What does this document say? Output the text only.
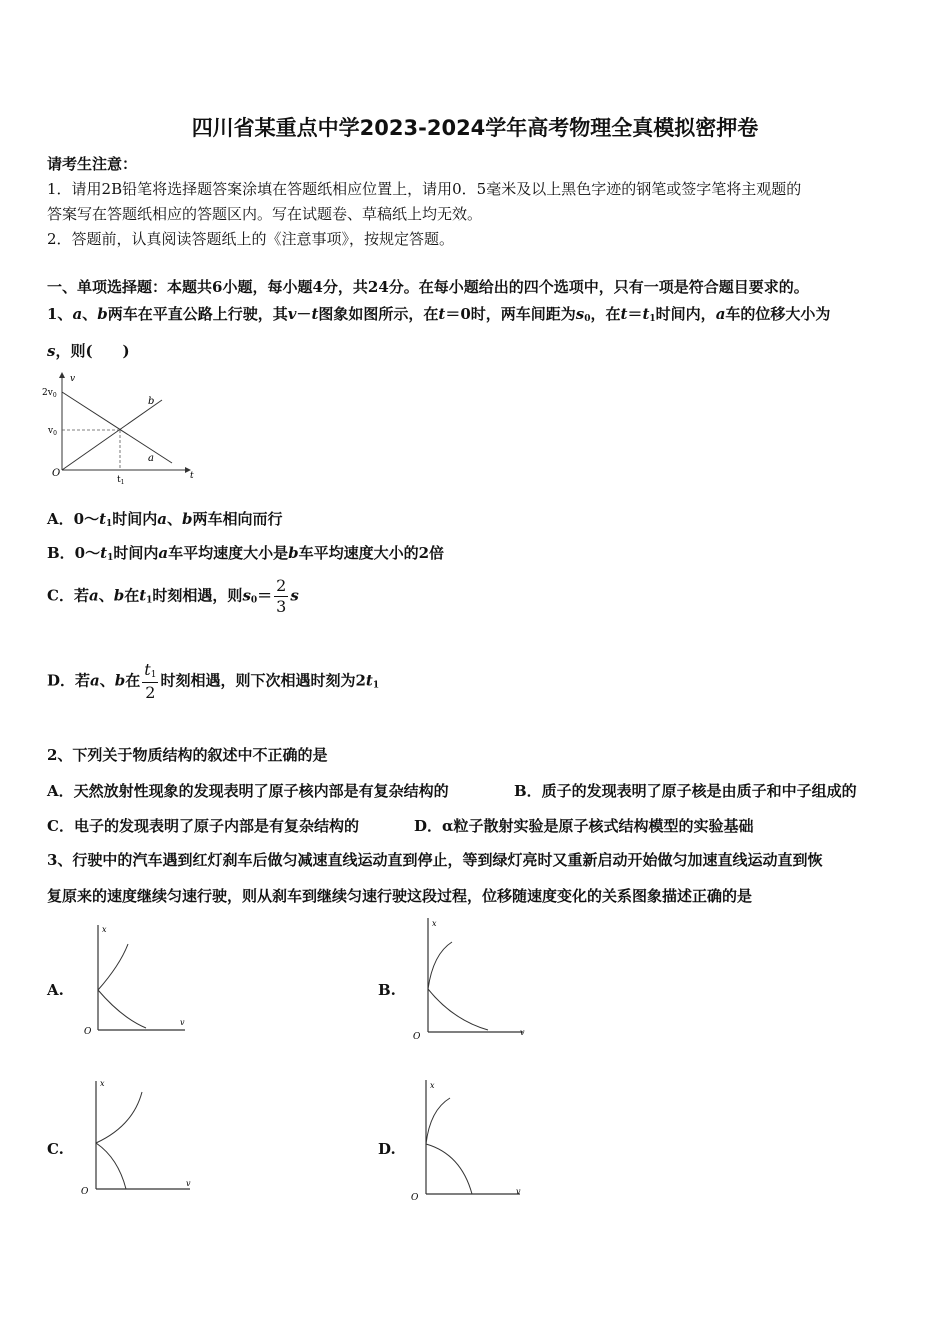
四川省某重点中学2023-2024学年高考物理全真模拟密押卷
请考生注意：
1．请用2B铅笔将选择题答案涂填在答题纸相应位置上，请用0．5毫米及以上黑色字迹的钢笔或签字笔将主观题的
答案写在答题纸相应的答题区内。写在试题卷、草稿纸上均无效。
2．答题前，认真阅读答题纸上的《注意事项》，按规定答题。
一、单项选择题：本题共6小题，每小题4分，共24分。在每小题给出的四个选项中，只有一项是符合题目要求的。
1、a、b两车在平直公路上行驶，其v－t图象如图所示，在t＝0时，两车间距为$s_0$，在$t=t_1$时间内，a车的位移大小为
s，则(　　)
v
t
O
$2v_0$
$v_0$
$t_1$
b
a
A．$0\sim t_1$时间内a、b两车相向而行
B．$0\sim t_1$时间内a车平均速度大小是b车平均速度大小的2倍
C．若a、b在$t_1$时刻相遇，则$s_0= \frac{2}{3}$ s
D．若a、b在 $\frac{t_1}{2}$ 时刻相遇，则下次相遇时刻为$2t_1$
2、下列关于物质结构的叙述中不正确的是
A．天然放射性现象的发现表明了原子核内部是有复杂结构的	B．质子的发现表明了原子核是由质子和中子组成的
C．电子的发现表明了原子内部是有复杂结构的	D．α粒子散射实验是原子核式结构模型的实验基础
3、行驶中的汽车遇到红灯刹车后做匀减速直线运动直到停止，等到绿灯亮时又重新启动开始做匀加速直线运动直到恢
复原来的速度继续匀速行驶，则从刹车到继续匀速行驶这段过程，位移随速度变化的关系图象描述正确的是
A.
x
v
O
B.
x
v
O
C.
x
v
O
D.
x
v
O
